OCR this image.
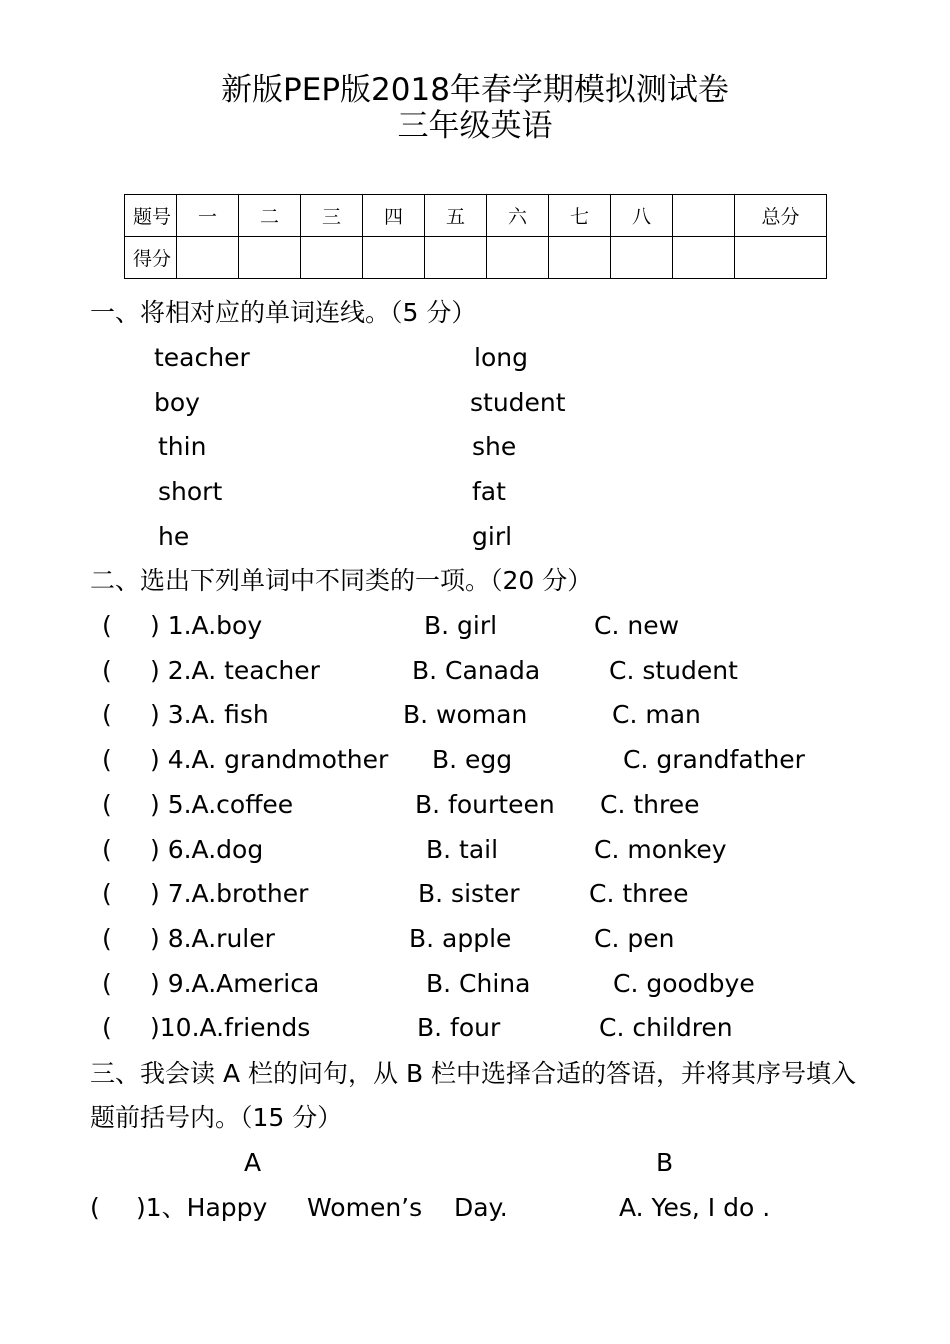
新版PEP版2018年春学期模拟测试卷
三年级英语
题号	一	二	三	四	五	六	七	八		总分
得分										
一、将相对应的单词连线。（5 分）
teacher	long
boy	student
thin	she
short	fat
he	girl
二、选出下列单词中不同类的一项。（20 分）
( ) 1.A.boy	B. girl	C. new
( ) 2.A. teacher	B. Canada	C. student
( ) 3.A. fish	B. woman	C. man
( ) 4.A. grandmother B. egg	C. grandfather
( ) 5.A.coffee	B. fourteen C. three
( ) 6.A.dog	B. tail	C. monkey
( ) 7.A.brother	B. sister	C. three
( ) 8.A.ruler	B. apple	C. pen
( ) 9.A.America	B. China	C. goodbye
( )10.A.friends	B. four	C. children
三、我会读 A 栏的问句，从 B 栏中选择合适的答语，并将其序号填入
题前括号内。（15 分）
A	B
( )1、Happy     Women’s    Day.	A. Yes, I do .
